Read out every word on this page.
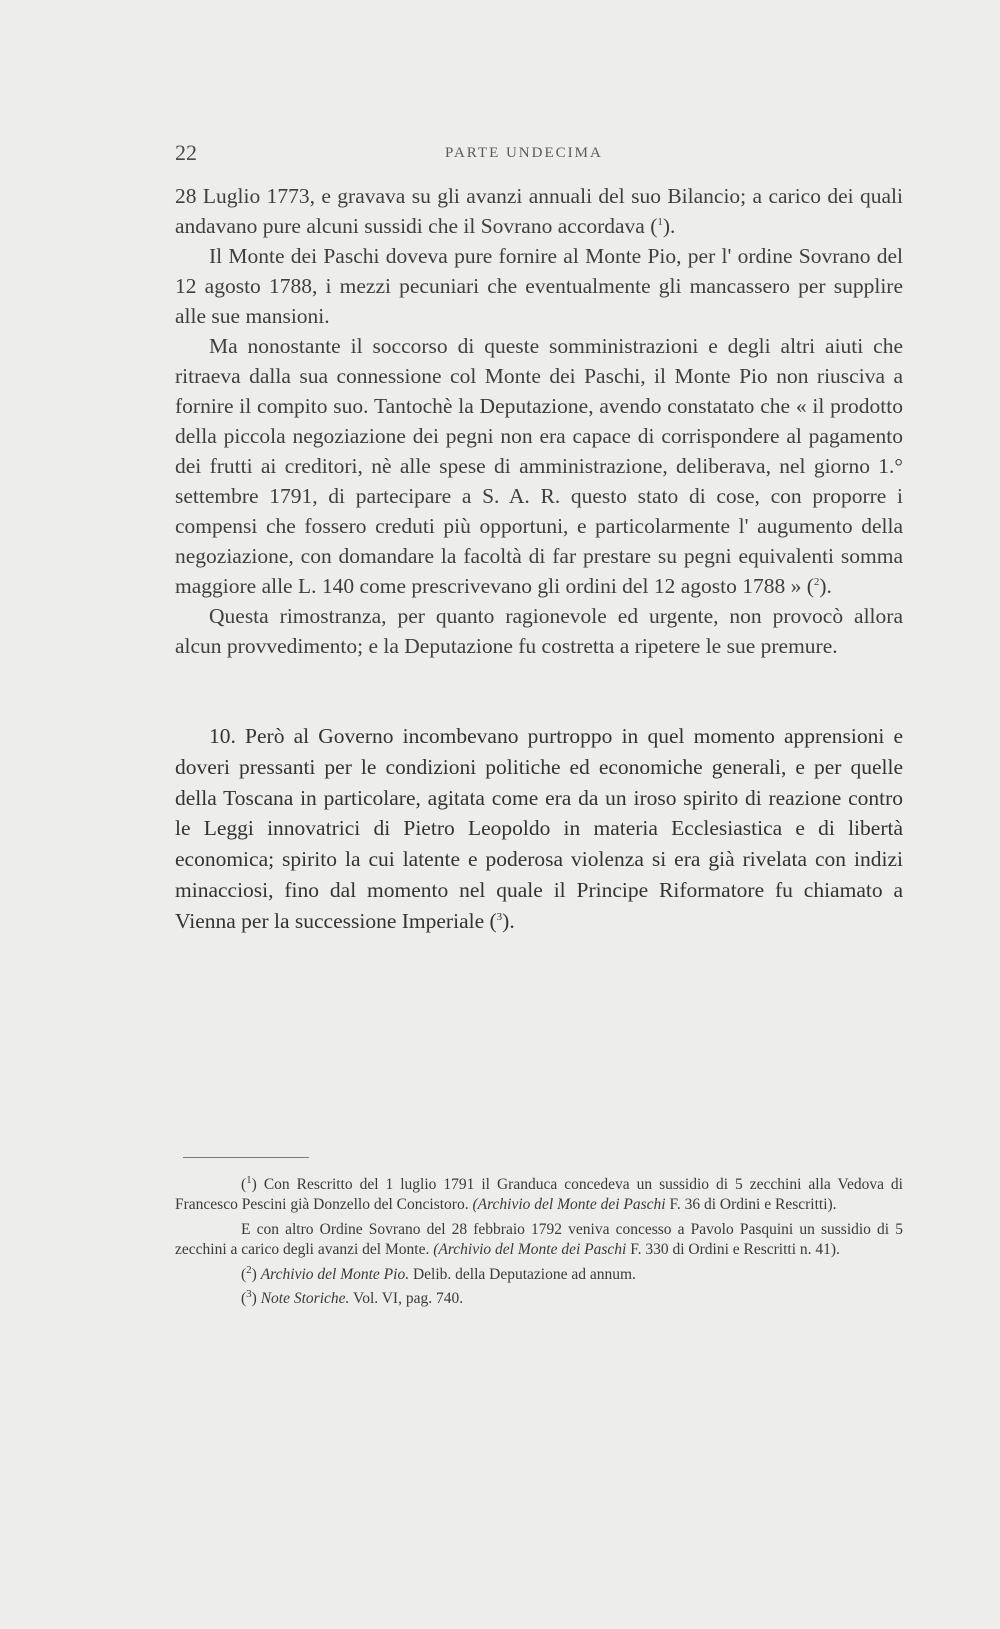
22	PARTE UNDECIMA

28 Luglio 1773, e gravava su gli avanzi annuali del suo Bilancio; a carico dei quali andavano pure alcuni sussidi che il Sovrano accordava ($^1$).

Il Monte dei Paschi doveva pure fornire al Monte Pio, per l' ordine Sovrano del 12 agosto 1788, i mezzi pecuniari che eventualmente gli mancassero per supplire alle sue mansioni.

Ma nonostante il soccorso di queste somministrazioni e degli altri aiuti che ritraeva dalla sua connessione col Monte dei Paschi, il Monte Pio non riusciva a fornire il compito suo. Tantochè la Deputazione, avendo constatato che « il prodotto della piccola negoziazione dei pegni non era capace di corrispondere al pagamento dei frutti ai creditori, nè alle spese di amministrazione, deliberava, nel giorno 1.° settembre 1791, di partecipare a S. A. R. questo stato di cose, con proporre i compensi che fossero creduti più opportuni, e particolarmente l' augumento della negoziazione, con domandare la facoltà di far prestare su pegni equivalenti somma maggiore alle L. 140 come prescrivevano gli ordini del 12 agosto 1788 » ($^2$).

Questa rimostranza, per quanto ragionevole ed urgente, non provocò allora alcun provvedimento; e la Deputazione fu costretta a ripetere le sue premure.

10. Però al Governo incombevano purtroppo in quel momento apprensioni e doveri pressanti per le condizioni politiche ed economiche generali, e per quelle della Toscana in particolare, agitata come era da un iroso spirito di reazione contro le Leggi innovatrici di Pietro Leopoldo in materia Ecclesiastica e di libertà economica; spirito la cui latente e poderosa violenza si era già rivelata con indizi minacciosi, fino dal momento nel quale il Principe Riformatore fu chiamato a Vienna per la successione Imperiale ($^3$).

($^1$) Con Rescritto del 1 luglio 1791 il Granduca concedeva un sussidio di 5 zecchini alla Vedova di Francesco Pescini già Donzello del Concistoro. (Archivio del Monte dei Paschi F. 36 di Ordini e Rescritti).

E con altro Ordine Sovrano del 28 febbraio 1792 veniva concesso a Pavolo Pasquini un sussidio di 5 zecchini a carico degli avanzi del Monte. (Archivio del Monte dei Paschi F. 330 di Ordini e Rescritti n. 41).

($^2$) Archivio del Monte Pio. Delib. della Deputazione ad annum.

($^3$) Note Storiche. Vol. VI, pag. 740.
